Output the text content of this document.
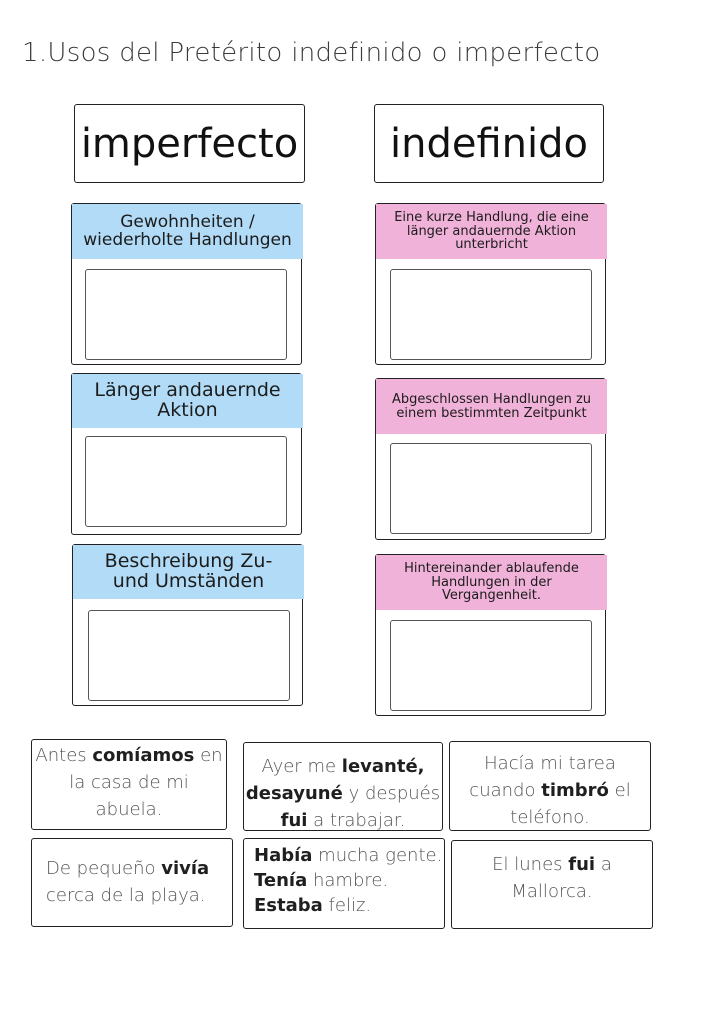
1.Usos del Pretérito indefinido o imperfecto
imperfecto	indefinido
Gewohnheiten / wiederholte Handlungen
Länger andauernde Aktion
Beschreibung Zu- und Umständen
Eine kurze Handlung, die eine länger andauernde Aktion unterbricht
Abgeschlossen Handlungen zu einem bestimmten Zeitpunkt
Hintereinander ablaufende Handlungen in der Vergangenheit.
Antes comíamos en
la casa de mi
abuela.
Ayer me levanté,
desayuné y después
fui a trabajar.
Hacía mi tarea
cuando timbró el
teléfono.
De pequeño vivía
cerca de la playa.
Había mucha gente.
Tenía hambre.
Estaba feliz.
El lunes fui a
Mallorca.
